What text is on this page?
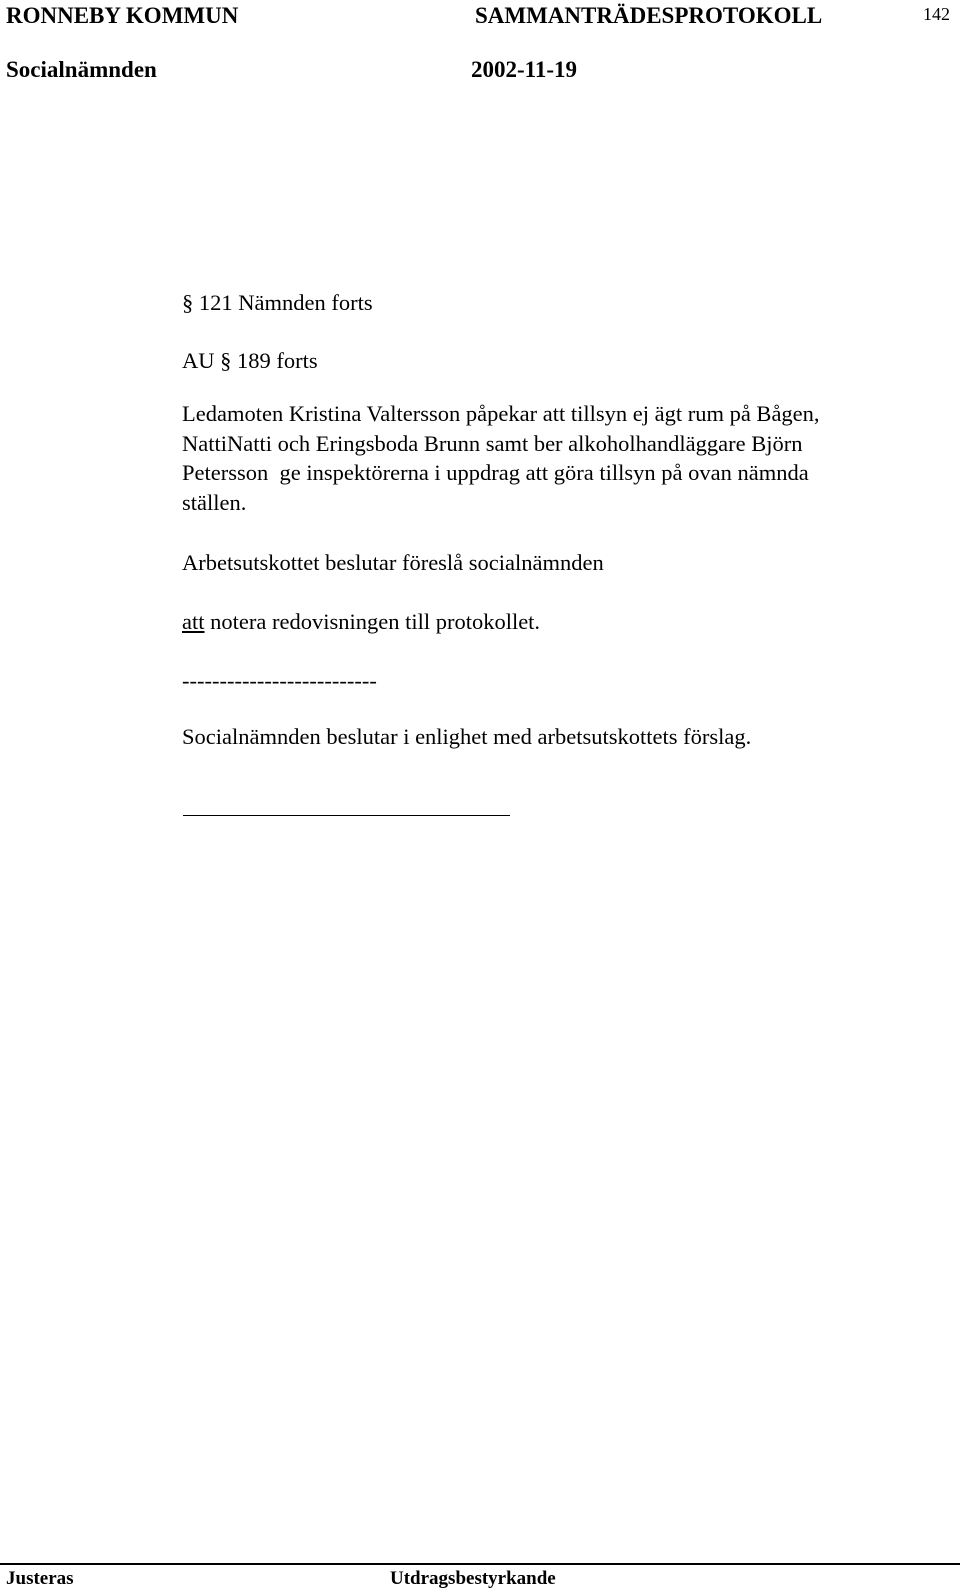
RONNEBY KOMMUN	SAMMANTRÄDESPROTOKOLL	142
Socialnämnden	2002-11-19
§ 121 Nämnden forts
AU § 189 forts
Ledamoten Kristina Valtersson påpekar att tillsyn ej ägt rum på Bågen,
NattiNatti och Eringsboda Brunn samt ber alkoholhandläggare Björn
Petersson  ge inspektörerna i uppdrag att göra tillsyn på ovan nämnda
ställen.
Arbetsutskottet beslutar föreslå socialnämnden
att notera redovisningen till protokollet.
--------------------------
Socialnämnden beslutar i enlighet med arbetsutskottets förslag.
Justeras	Utdragsbestyrkande
